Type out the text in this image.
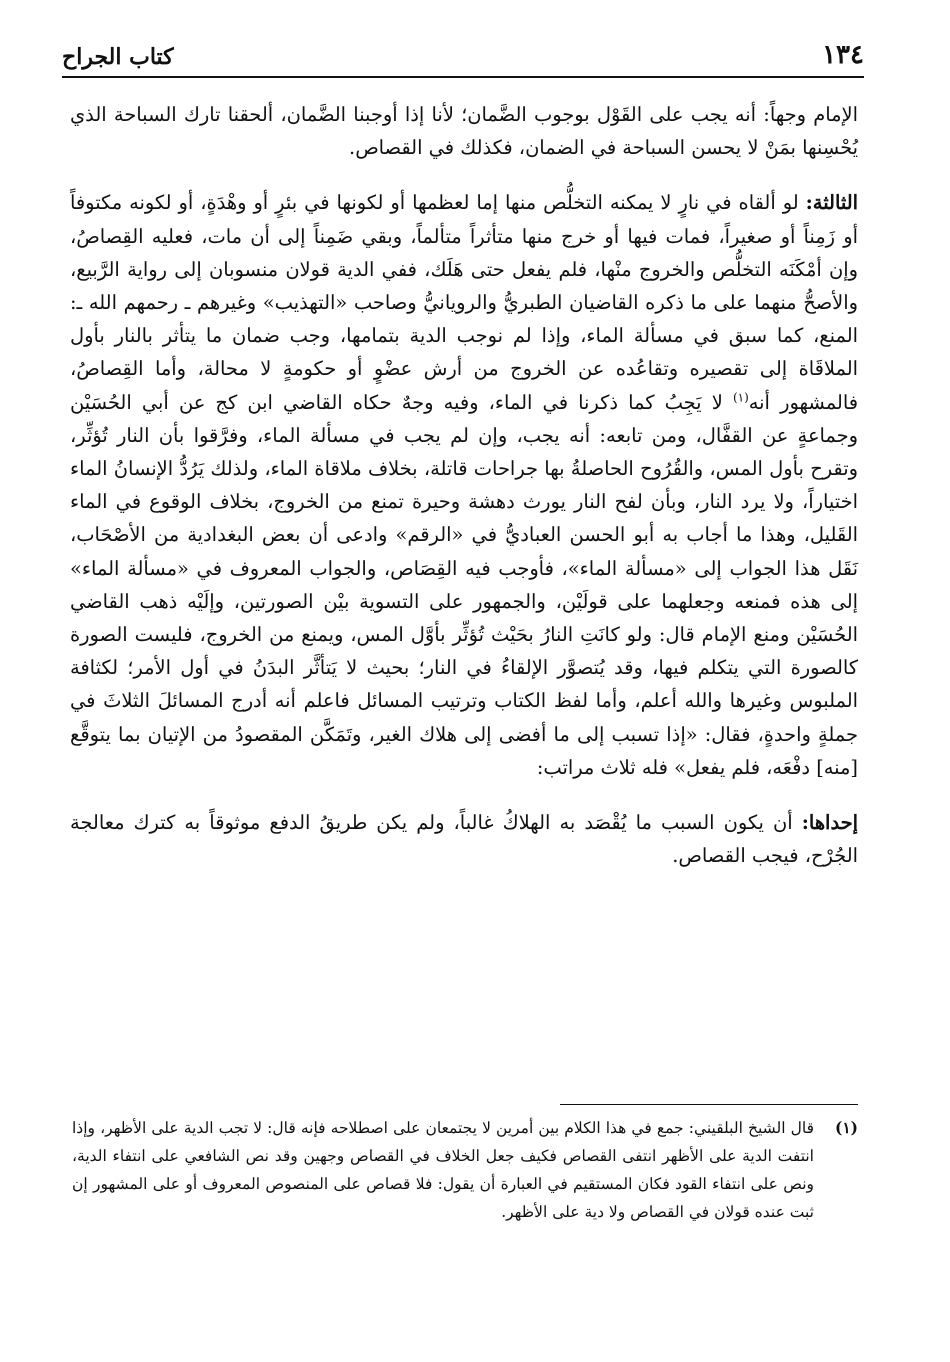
١٣٤
كتاب الجراح

الإمام وجهاً: أنه يجب على القَوْل بوجوب الضَّمان؛ لأنا إذا أوجبنا الضَّمان، ألحقنا تارك السباحة الذي يُحْسِنها بمَنْ لا يحسن السباحة في الضمان، فكذلك في القصاص.

الثالثة: لو ألقاه في نارٍ لا يمكنه التخلُّص منها إما لعظمها أو لكونها في بئرٍ أو وهْدَةٍ، أو لكونه مكتوفاً أو زَمِناً أو صغيراً، فمات فيها أو خرج منها متأثراً متألماً، وبقي ضَمِناً إلى أن مات، فعليه القِصاصُ، وإن أمْكَنَه التخلُّص والخروج منْها، فلم يفعل حتى هَلَك، ففي الدية قولان منسوبان إلى رواية الرَّبيع، والأصحُّ منهما على ما ذكره القاضيان الطبريُّ والرويانيُّ وصاحب «التهذيب» وغيرهم ـ رحمهم الله ـ: المنع، كما سبق في مسألة الماء، وإذا لم نوجب الدية بتمامها، وجب ضمان ما يتأثر بالنار بأول الملاقَاة إلى تقصيره وتقاعُده عن الخروج من أرش عضْوٍ أو حكومةٍ لا محالة، وأما القِصاصُ، فالمشهور أنه$^{(١)}$ لا يَجِبُ كما ذكرنا في الماء، وفيه وجهٌ حكاه القاضي ابن كج عن أبي الحُسَيْن وجماعةٍ عن القفَّال، ومن تابعه: أنه يجب، وإن لم يجب في مسألة الماء، وفرَّقوا بأن النار تُؤثِّر، وتقرح بأول المس، والقُرُوح الحاصلةُ بها جراحات قاتلة، بخلاف ملاقاة الماء، ولذلك يَرُدُّ الإنسانُ الماء اختياراً، ولا يرد النار، وبأن لفح النار يورث دهشة وحيرة تمنع من الخروج، بخلاف الوقوع في الماء القَليل، وهذا ما أجاب به أبو الحسن العباديُّ في «الرقم» وادعى أن بعض البغدادية من الأصْحَاب، نَقَل هذا الجواب إلى «مسألة الماء»، فأوجب فيه القِصَاص، والجواب المعروف في «مسألة الماء» إلى هذه فمنعه وجعلهما على قولَيْن، والجمهور على التسوية بيْن الصورتين، وإلَيْه ذهب القاضي الحُسَيْن ومنع الإمام قال: ولو كانَتِ النارُ بحَيْث تُؤثِّر بأوَّل المس، ويمنع من الخروج، فليست الصورة كالصورة التي يتكلم فيها، وقد يُتصوَّر الإلقاءُ في النار؛ بحيث لا يَتأثَّر البدَنُ في أول الأمر؛ لكثافة الملبوس وغيرها والله أعلم، وأما لفظ الكتاب وترتيب المسائل فاعلم أنه أدرج المسائلَ الثلاثَ في جملةٍ واحدةٍ، فقال: «إذا تسبب إلى ما أفضى إلى هلاك الغير، وتَمَكَّن المقصودُ من الإتيان بما يتوقَّع [منه] دفْعَه، فلم يفعل» فله ثلاث مراتب:

إحداها: أن يكون السبب ما يُقْصَد به الهلاكُ غالباً، ولم يكن طريقُ الدفع موثوقاً به كترك معالجة الجُرْح، فيجب القصاص.

(١)
قال الشيخ البلقيني: جمع في هذا الكلام بين أمرين لا يجتمعان على اصطلاحه فإنه قال: لا تجب الدية على الأظهر، وإذا انتفت الدية على الأظهر انتفى القصاص فكيف جعل الخلاف في القصاص وجهين وقد نص الشافعي على انتفاء الدية، ونص على انتفاء القود فكان المستقيم في العبارة أن يقول: فلا قصاص على المنصوص المعروف أو على المشهور إن ثبت عنده قولان في القصاص ولا دية على الأظهر.
